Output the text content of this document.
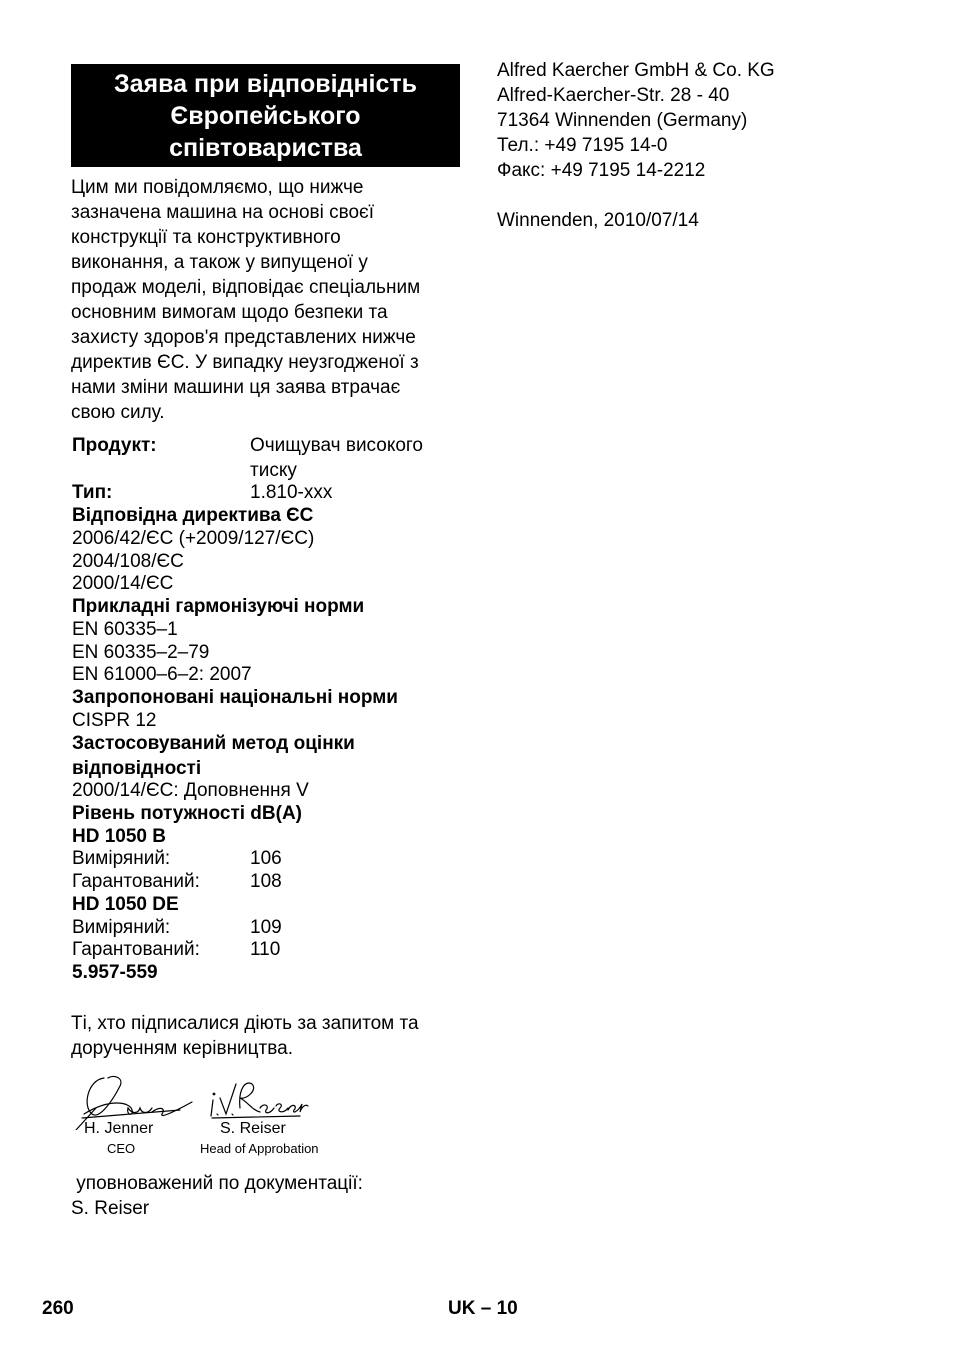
Заява при відповідність
Європейського
співтовариства
Цим ми повідомляємо, що нижче
зазначена машина на основі своєї
конструкції та конструктивного
виконання, а також у випущеної у
продаж моделі, відповідає спеціальним
основним вимогам щодо безпеки та
захисту здоров'я представлених нижче
директив ЄС. У випадку неузгодженої з
нами зміни машини ця заява втрачає
свою силу.
Продукт:	Очищувач високого
тиску
Тип:	1.810-xxx
Відповідна директива ЄС
2006/42/ЄС (+2009/127/ЄС)
2004/108/ЄС
2000/14/ЄС
Прикладні гармонізуючі норми
EN 60335–1
EN 60335–2–79
EN 61000–6–2: 2007
Запропоновані національні норми
CISPR 12
Застосовуваний метод оцінки
відповідності
2000/14/ЄС: Доповнення V
Рівень потужності dB(A)
HD 1050 B
Виміряний:	106
Гарантований:	108
HD 1050 DE
Виміряний:	109
Гарантований:	110
5.957-559
Ті, хто підписалися діють за запитом та
дорученням керівництва.
H. Jenner
CEO
S. Reiser
Head of Approbation
уповноважений по документації:
S. Reiser
Alfred Kaercher GmbH & Co. KG
Alfred-Kaercher-Str. 28 - 40
71364 Winnenden (Germany)
Тел.: +49 7195 14-0
Факс: +49 7195 14-2212
Winnenden, 2010/07/14
260	UK – 10
